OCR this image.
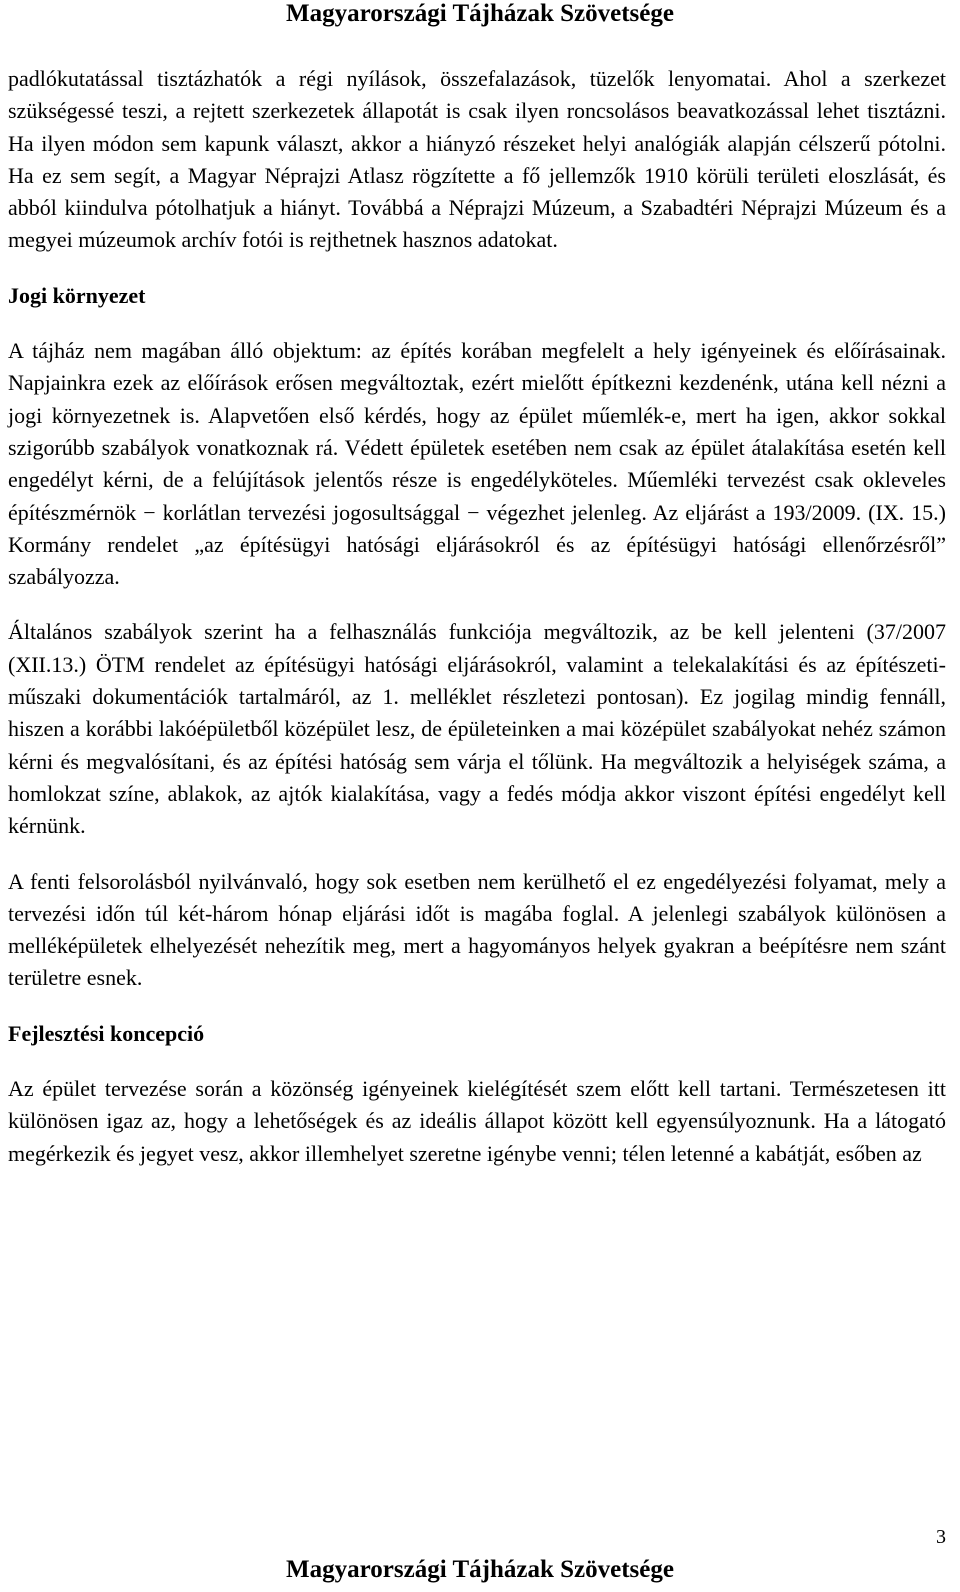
Magyarországi Tájházak Szövetsége

padlókutatással tisztázhatók a régi nyílások, összefalazások, tüzelők lenyomatai. Ahol a szerkezet szükségessé teszi, a rejtett szerkezetek állapotát is csak ilyen roncsolásos beavatkozással lehet tisztázni. Ha ilyen módon sem kapunk választ, akkor a hiányzó részeket helyi analógiák alapján célszerű pótolni. Ha ez sem segít, a Magyar Néprajzi Atlasz rögzítette a fő jellemzők 1910 körüli területi eloszlását, és abból kiindulva pótolhatjuk a hiányt. Továbbá a Néprajzi Múzeum, a Szabadtéri Néprajzi Múzeum és a megyei múzeumok archív fotói is rejthetnek hasznos adatokat.

Jogi környezet

A tájház nem magában álló objektum: az építés korában megfelelt a hely igényeinek és előírásainak. Napjainkra ezek az előírások erősen megváltoztak, ezért mielőtt építkezni kezdenénk, utána kell nézni a jogi környezetnek is. Alapvetően első kérdés, hogy az épület műemlék-e, mert ha igen, akkor sokkal szigorúbb szabályok vonatkoznak rá. Védett épületek esetében nem csak az épület átalakítása esetén kell engedélyt kérni, de a felújítások jelentős része is engedélyköteles. Műemléki tervezést csak okleveles építészmérnök − korlátlan tervezési jogosultsággal − végezhet jelenleg. Az eljárást a 193/2009. (IX. 15.) Kormány rendelet „az építésügyi hatósági eljárásokról és az építésügyi hatósági ellenőrzésről” szabályozza.

Általános szabályok szerint ha a felhasználás funkciója megváltozik, az be kell jelenteni (37/2007 (XII.13.) ÖTM rendelet az építésügyi hatósági eljárásokról, valamint a telekalakítási és az építészeti-műszaki dokumentációk tartalmáról, az 1. melléklet részletezi pontosan). Ez jogilag mindig fennáll, hiszen a korábbi lakóépületből középület lesz, de épületeinken a mai középület szabályokat nehéz számon kérni és megvalósítani, és az építési hatóság sem várja el tőlünk. Ha megváltozik a helyiségek száma, a homlokzat színe, ablakok, az ajtók kialakítása, vagy a fedés módja akkor viszont építési engedélyt kell kérnünk.

A fenti felsorolásból nyilvánvaló, hogy sok esetben nem kerülhető el ez engedélyezési folyamat, mely a tervezési időn túl két-három hónap eljárási időt is magába foglal. A jelenlegi szabályok különösen a melléképületek elhelyezését nehezítik meg, mert a hagyományos helyek gyakran a beépítésre nem szánt területre esnek.

Fejlesztési koncepció

Az épület tervezése során a közönség igényeinek kielégítését szem előtt kell tartani. Természetesen itt különösen igaz az, hogy a lehetőségek és az ideális állapot között kell egyensúlyoznunk. Ha a látogató megérkezik és jegyet vesz, akkor illemhelyet szeretne igénybe venni; télen letenné a kabátját, esőben az

3
Magyarországi Tájházak Szövetsége
